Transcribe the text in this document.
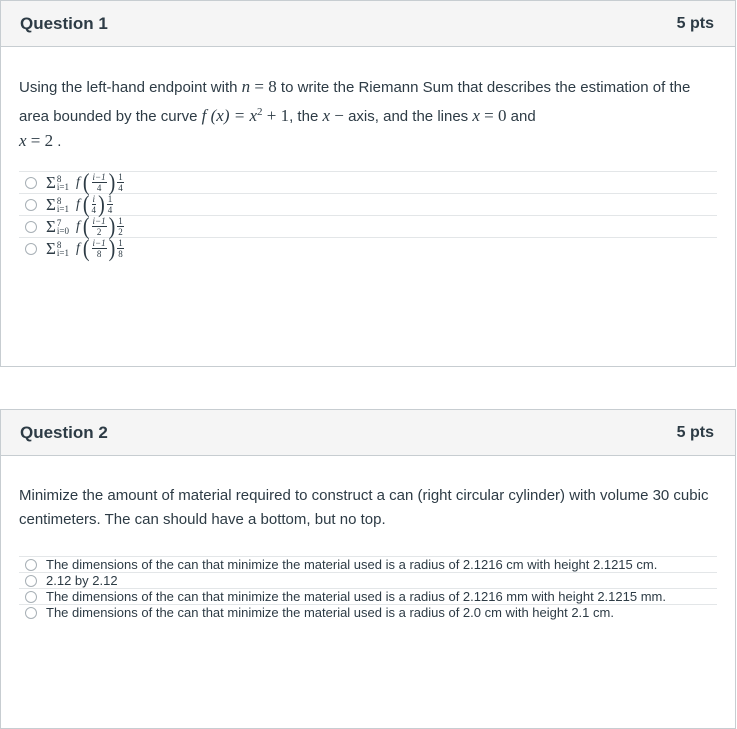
Question 1	5 pts
Using the left-hand endpoint with n = 8 to write the Riemann Sum that describes the estimation of the area bounded by the curve f $(x) = x^2 + 1$, the x − axis, and the lines x = 0 and
x = 2 .
Σ 8
i=1 f ( $\frac{i-1}{4}$ ) $\frac{1}{4}$
Σ 8
i=1 f ( $\frac{i}{4}$ ) $\frac{1}{4}$
Σ 7
i=0 f ( $\frac{i-1}{2}$ ) $\frac{1}{2}$
Σ 8
i=1 f ( $\frac{i-1}{8}$ ) $\frac{1}{8}$
Question 2	5 pts
Minimize the amount of material required to construct a can (right circular cylinder) with volume 30 cubic centimeters. The can should have a bottom, but no top.
The dimensions of the can that minimize the material used is a radius of 2.1216 cm with height 2.1215 cm.
2.12 by 2.12
The dimensions of the can that minimize the material used is a radius of 2.1216 mm with height 2.1215 mm.
The dimensions of the can that minimize the material used is a radius of 2.0 cm with height 2.1 cm.
